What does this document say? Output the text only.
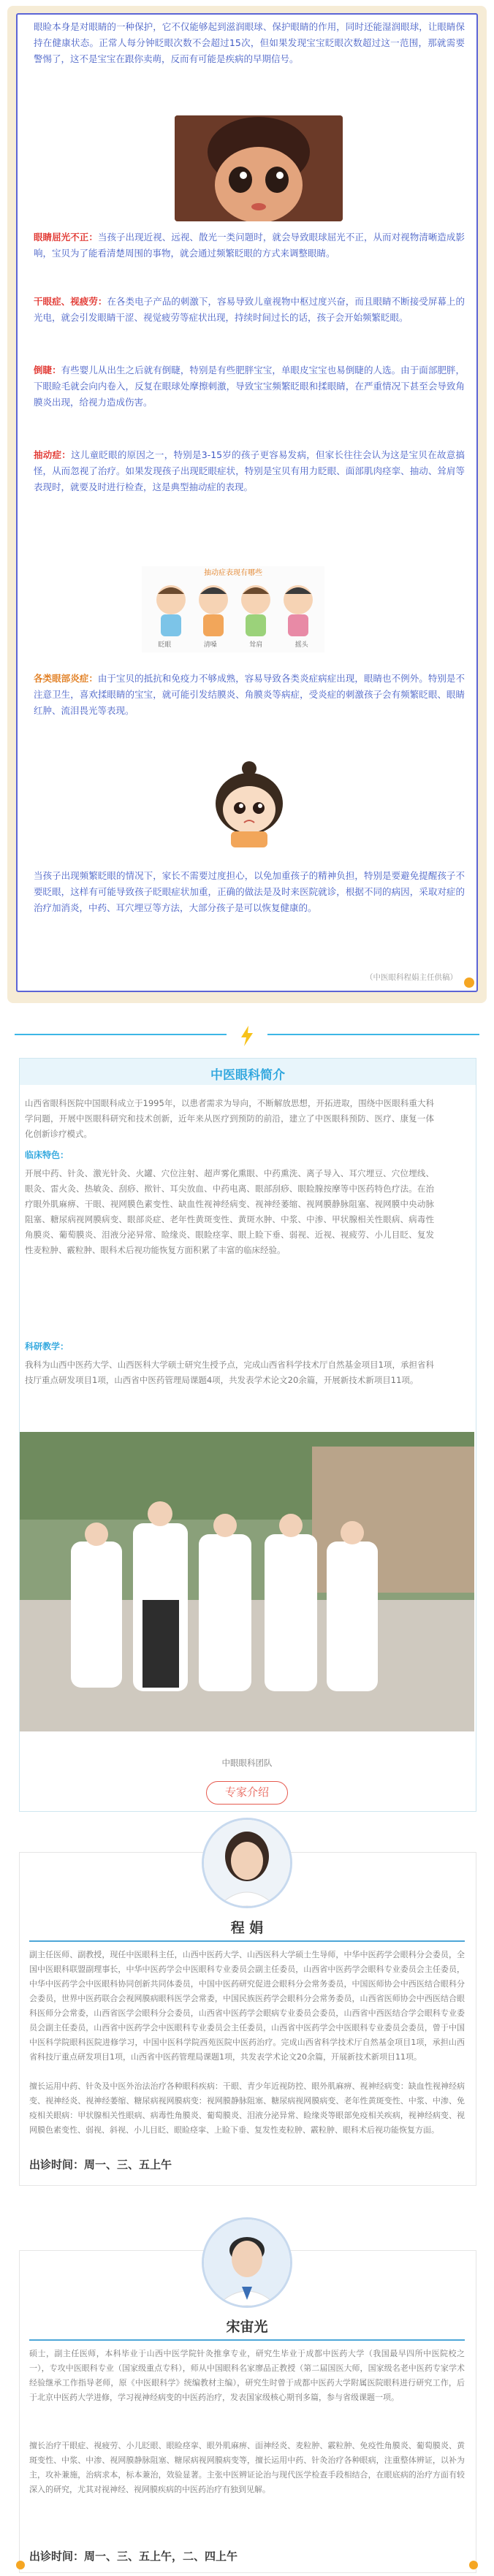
眼睑本身是对眼睛的一种保护，它不仅能够起到滋润眼球、保护眼睛的作用，同时还能湿润眼球，让眼睛保持在健康状态。正常人每分钟眨眼次数不会超过15次，但如果发现宝宝眨眼次数超过这一范围，那就需要警惕了，这不是宝宝在跟你卖萌，反而有可能是疾病的早期信号。
眼睛屈光不正：当孩子出现近视、远视、散光一类问题时，就会导致眼球屈光不正，从而对视物清晰造成影响，宝贝为了能看清楚周围的事物，就会通过频繁眨眼的方式来调整眼睛。
干眼症、视疲劳：在各类电子产品的刺激下，容易导致儿童视物中枢过度兴奋，而且眼睛不断接受屏幕上的光电，就会引发眼睛干涩、视觉疲劳等症状出现，持续时间过长的话，孩子会开始频繁眨眼。
倒睫：有些婴儿从出生之后就有倒睫，特别是有些肥胖宝宝，单眼皮宝宝也易倒睫的人选。由于面部肥胖，下眼睑毛就会向内卷入，反复在眼球处摩擦刺激，导致宝宝频繁眨眼和揉眼睛，在严重情况下甚至会导致角膜炎出现，给视力造成伤害。
抽动症：这儿童眨眼的原因之一，特别是3-15岁的孩子更容易发病，但家长往往会认为这是宝贝在故意搞怪，从而忽视了治疗。如果发现孩子出现眨眼症状，特别是宝贝有用力眨眼、面部肌肉痉挛、抽动、耸肩等表现时，就要及时进行检查，这是典型抽动症的表现。
抽动症表现有哪些
眨眼	清嗓	耸肩	摇头
各类眼部炎症：由于宝贝的抵抗和免疫力不够成熟，容易导致各类炎症病症出现，眼睛也不例外。特别是不注意卫生，喜欢揉眼睛的宝宝，就可能引发结膜炎、角膜炎等病症，受炎症的刺激孩子会有频繁眨眼、眼睛红肿、流泪畏光等表现。
当孩子出现频繁眨眼的情况下，家长不需要过度担心，以免加重孩子的精神负担，特别是要避免提醒孩子不要眨眼，这样有可能导致孩子眨眼症状加重，正确的做法是及时来医院就诊，根据不同的病因，采取对症的治疗加消炎，中药、耳穴埋豆等方法，大部分孩子是可以恢复健康的。
（中医眼科程娟主任供稿）
中医眼科简介
山西省眼科医院中国眼科成立于1995年，以患者需求为导向，不断解放思想，开拓进取，围绕中医眼科重大科学问题，开展中医眼科研究和技术创新，近年来从医疗到预防的前沿，建立了中医眼科预防、医疗、康复一体化创新诊疗模式。
临床特色：
开展中药、针灸、激光针灸、火罐、穴位注射、超声雾化熏眼、中药熏洗、离子导入、耳穴埋豆、穴位埋线、眼灸、雷火灸、热敏灸、刮痧、揿针、耳尖放血、中药电离、眼部刮痧、眼睑腺按摩等中医药特色疗法。在治疗眼外肌麻痹、干眼、视网膜色素变性、缺血性视神经病变、视神经萎缩、视网膜静脉阻塞、视网膜中央动脉阻塞、糖尿病视网膜病变、眼部炎症、老年性黄斑变性、黄斑水肿、中浆、中渗、甲状腺相关性眼病、病毒性角膜炎、葡萄膜炎、泪液分泌异常、睑缘炎、眼睑痉挛、眼上睑下垂、弱视、近视、视疲劳、小儿目眨、复发性麦粒肿、霰粒肿、眼科术后视功能恢复方面积累了丰富的临床经验。
科研教学：
我科为山西中医药大学、山西医科大学硕士研究生授予点，完成山西省科学技术厅自然基金项目1项，承担省科技厅重点研发项目1项，山西省中医药管理局课题4项，共发表学术论文20余篇，开展新技术新项目11项。
中眼眼科团队
专家介绍
程 娟
副主任医师、副教授，现任中医眼科主任，山西中医药大学、山西医科大学硕士生导师，中华中医药学会眼科分会委员，全国中医眼科联盟副理事长，中华中医药学会中医眼科专业委员会副主任委员，山西省中医药学会眼科专业委员会主任委员，中华中医药学会中医眼科协同创新共同体委员，中国中医药研究促进会眼科分会常务委员，中国医师协会中西医结合眼科分会委员，世界中医药联合会视网膜病眼科医学会常委，中国民族医药学会眼科分会常务委员，山西省医师协会中西医结合眼科医师分会常委，山西省医学会眼科分会委员，山西省中医药学会眼病专业委员会委员，山西省中西医结合学会眼科专业委员会副主任委员，山西省中医药学会中医眼科专业委员会主任委员，山西省中医药学会中医眼科专业委员会委员，曾于中国中医科学院眼科医院进修学习，中国中医科学院西苑医院中医药治疗。完成山西省科学技术厅自然基金项目1项，承担山西省科技厅重点研发项目1项，山西省中医药管理局课题1项，共发表学术论文20余篇，开展新技术新项目11项。
擅长运用中药、针灸及中医外治法治疗各种眼科疾病：干眼、青少年近视防控、眼外肌麻痹、视神经病变：缺血性视神经病变、视神经炎、视神经萎缩、糖尿病视网膜病变：视网膜静脉阻塞、糖尿病视网膜病变、老年性黄斑变性、中浆、中渗、免疫相关眼病：甲状腺相关性眼病、病毒性角膜炎、葡萄膜炎、泪液分泌异常、睑缘炎等眼部免疫相关疾病，视神经病变、视网膜色素变性、弱视、斜视、小儿目眨、眼睑痉挛、上睑下垂、复发性麦粒肿、霰粒肿、眼科术后视功能恢复方面。
出诊时间：周一、三、五上午
宋宙光
硕士，副主任医师，本科毕业于山西中医学院针灸推拿专业，研究生毕业于成都中医药大学（我国最早四所中医院校之一），专攻中医眼科专业（国家级重点专科），师从中国眼科名家廖品正教授（第二届国医大师，国家级名老中医药专家学术经验继承工作指导老师，原《中医眼科学》统编教材主编），研究生时曾于成都中医药大学附属医院眼科进行研究工作，后于北京中医药大学进修，学习视神经病变的中医药治疗，发表国家级核心期刊多篇，参与省级课题一项。
擅长治疗干眼症、视疲劳、小儿眨眼、眼睑痉挛、眼外肌麻痹、面神经炎、麦粒肿、霰粒肿、免疫性角膜炎、葡萄膜炎、黄斑变性、中浆、中渗、视网膜静脉阻塞、糖尿病视网膜病变等，擅长运用中药、针灸治疗各种眼病，注重整体辨证，以补为主，攻补兼施，治病求本，标本兼治，效验显著。主张中医辨证论治与现代医学检查手段相结合，在眼底病的治疗方面有较深入的研究，尤其对视神经、视网膜疾病的中医药治疗有独到见解。
出诊时间：周一、三、五上午，二、四上午
